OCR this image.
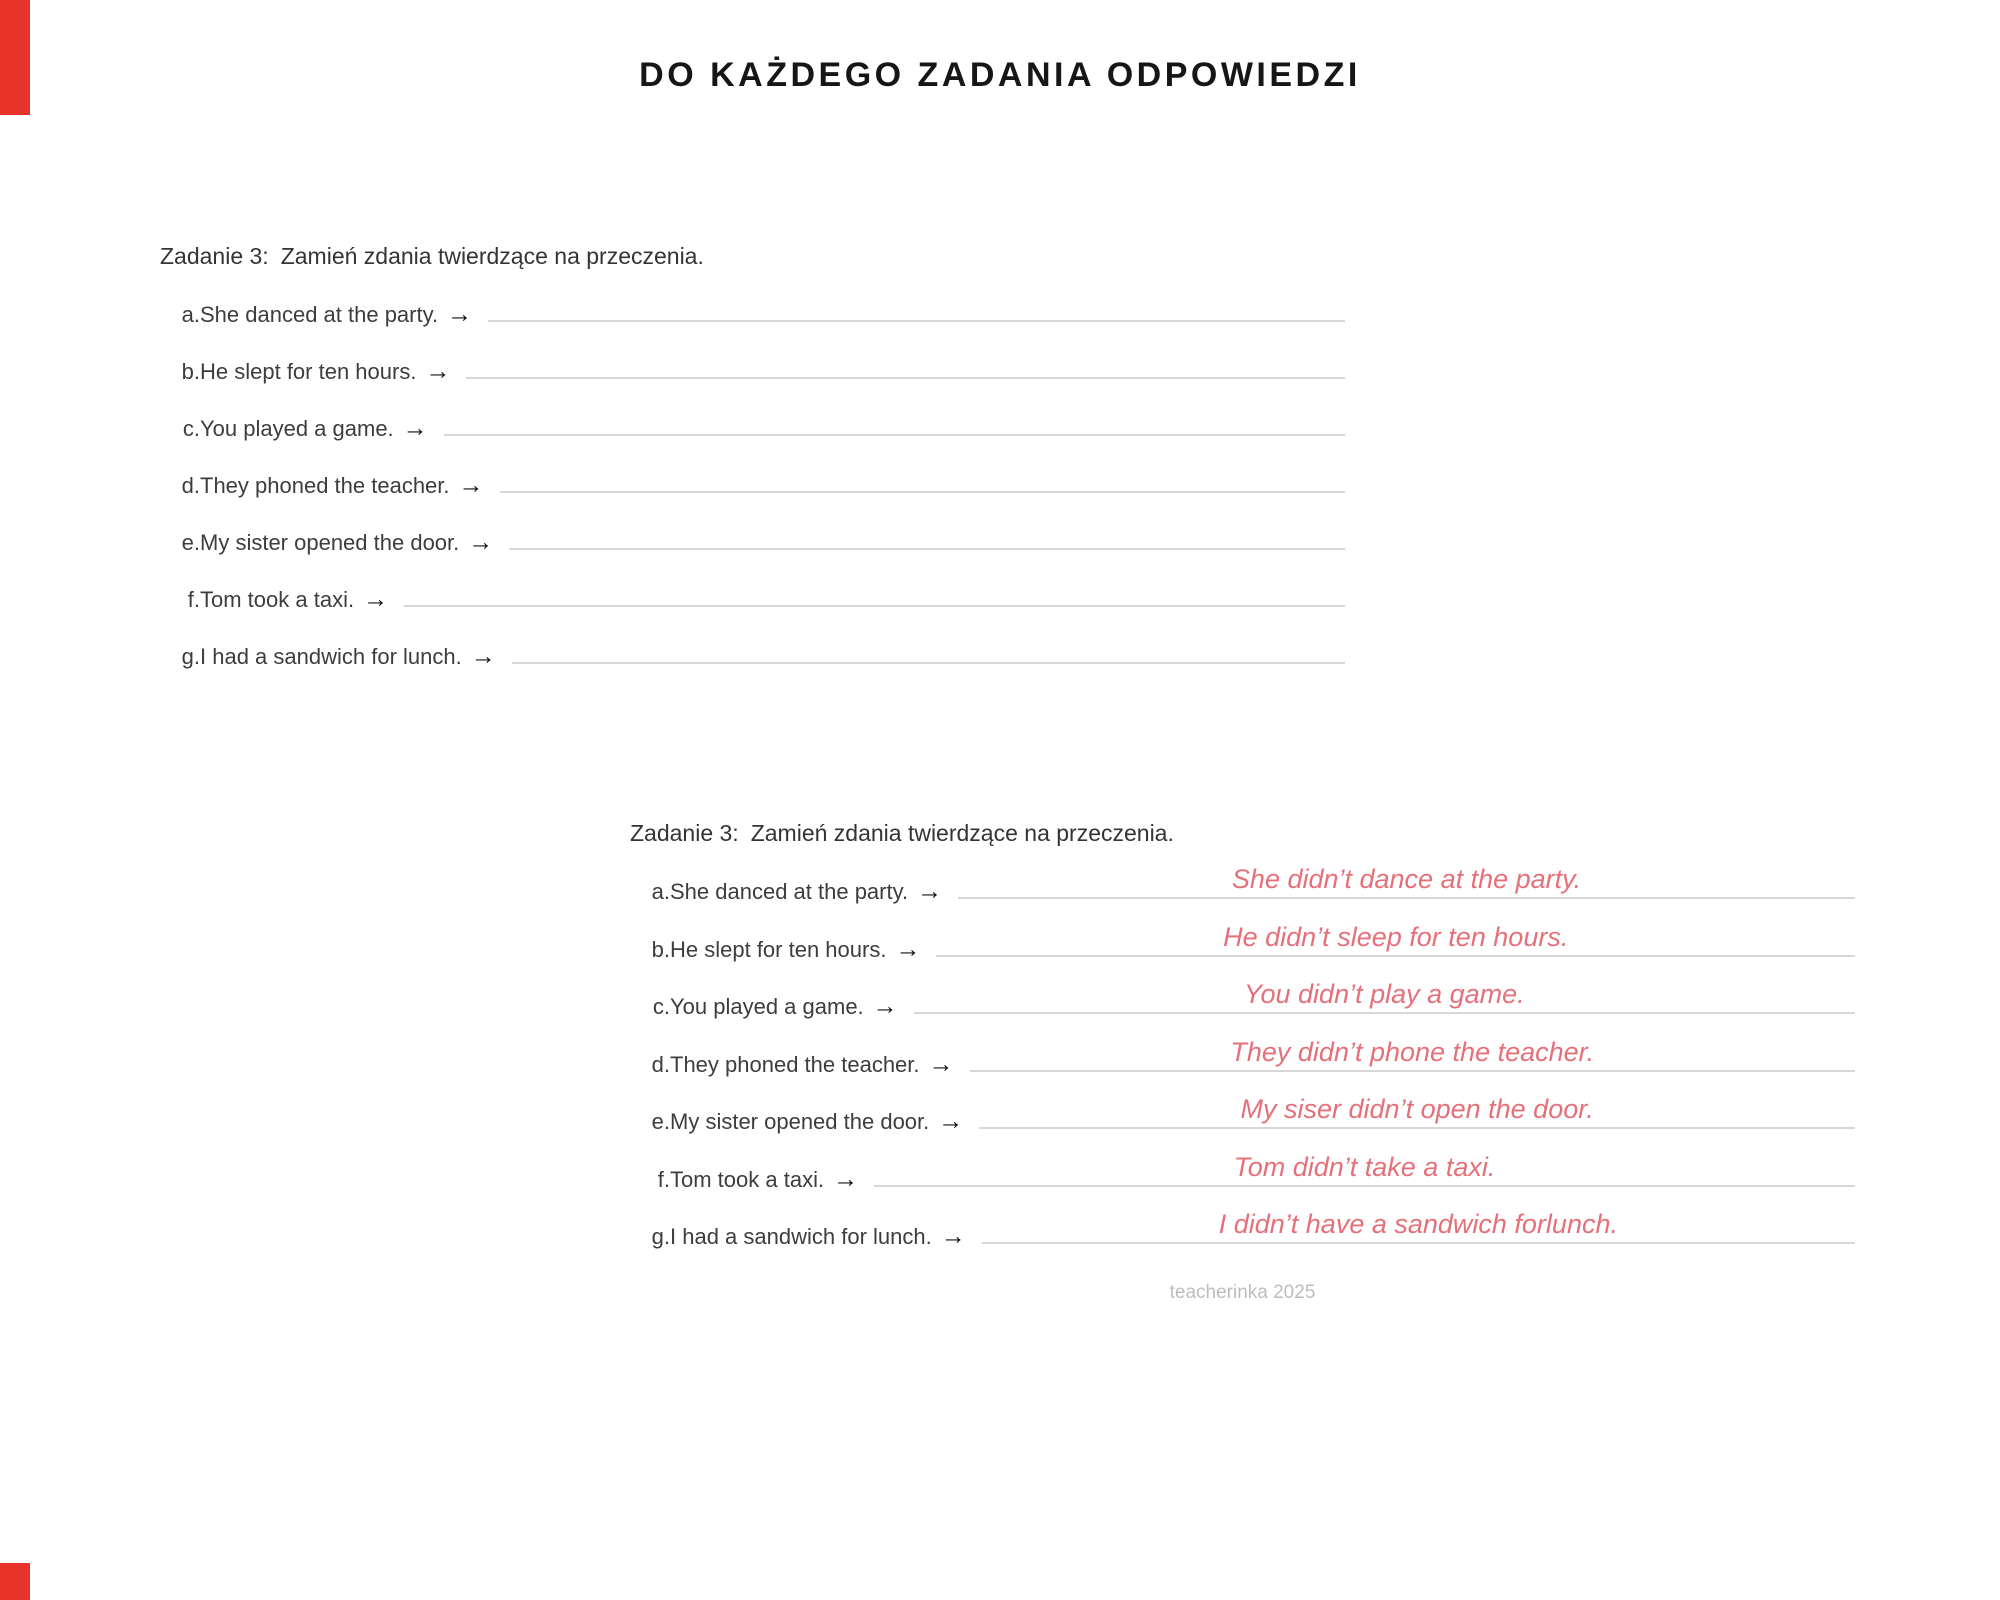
DO KAŻDEGO ZADANIA ODPOWIEDZI
Zadanie 3: Zamień zdania twierdzące na przeczenia.
a. She danced at the party. →
b. He slept for ten hours. →
c. You played a game. →
d. They phoned the teacher. →
e. My sister opened the door. →
f. Tom took a taxi. →
g. I had a sandwich for lunch. →
Zadanie 3: Zamień zdania twierdzące na przeczenia.
a. She danced at the party. →	She didn’t dance at the party.
b. He slept for ten hours. →	He didn’t sleep for ten hours.
c. You played a game. →	You didn’t play a game.
d. They phoned the teacher. →	They didn’t phone the teacher.
e. My sister opened the door. →	My siser didn’t open the door.
f. Tom took a taxi. →	Tom didn’t take a taxi.
g. I had a sandwich for lunch. →	I didn’t have a sandwich forlunch.
teacherinka 2025
